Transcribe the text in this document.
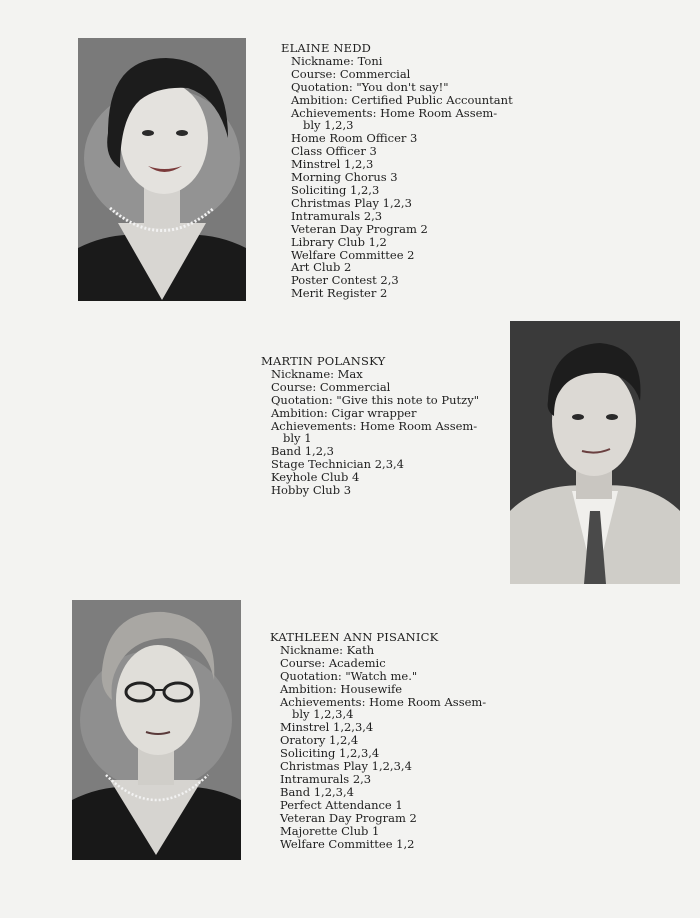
ELAINE NEDD

Nickname: Toni
Course: Commercial
Quotation: "You don't say!"
Ambition: Certified Public Accountant
Achievements: Home Room Assem-
bly 1,2,3
Home Room Officer 3
Class Officer 3
Minstrel 1,2,3
Morning Chorus 3
Soliciting 1,2,3
Christmas Play 1,2,3
Intramurals 2,3
Veteran Day Program 2
Library Club 1,2
Welfare Committee 2
Art Club 2
Poster Contest 2,3
Merit Register 2

MARTIN POLANSKY

Nickname: Max
Course: Commercial
Quotation: "Give this note to Putzy"
Ambition: Cigar wrapper
Achievements: Home Room Assem-
bly 1
Band 1,2,3
Stage Technician 2,3,4
Keyhole Club 4
Hobby Club 3

KATHLEEN ANN PISANICK

Nickname: Kath
Course: Academic
Quotation: "Watch me."
Ambition: Housewife
Achievements: Home Room Assem-
bly 1,2,3,4
Minstrel 1,2,3,4
Oratory 1,2,4
Soliciting 1,2,3,4
Christmas Play 1,2,3,4
Intramurals 2,3
Band 1,2,3,4
Perfect Attendance 1
Veteran Day Program 2
Majorette Club 1
Welfare Committee 1,2
